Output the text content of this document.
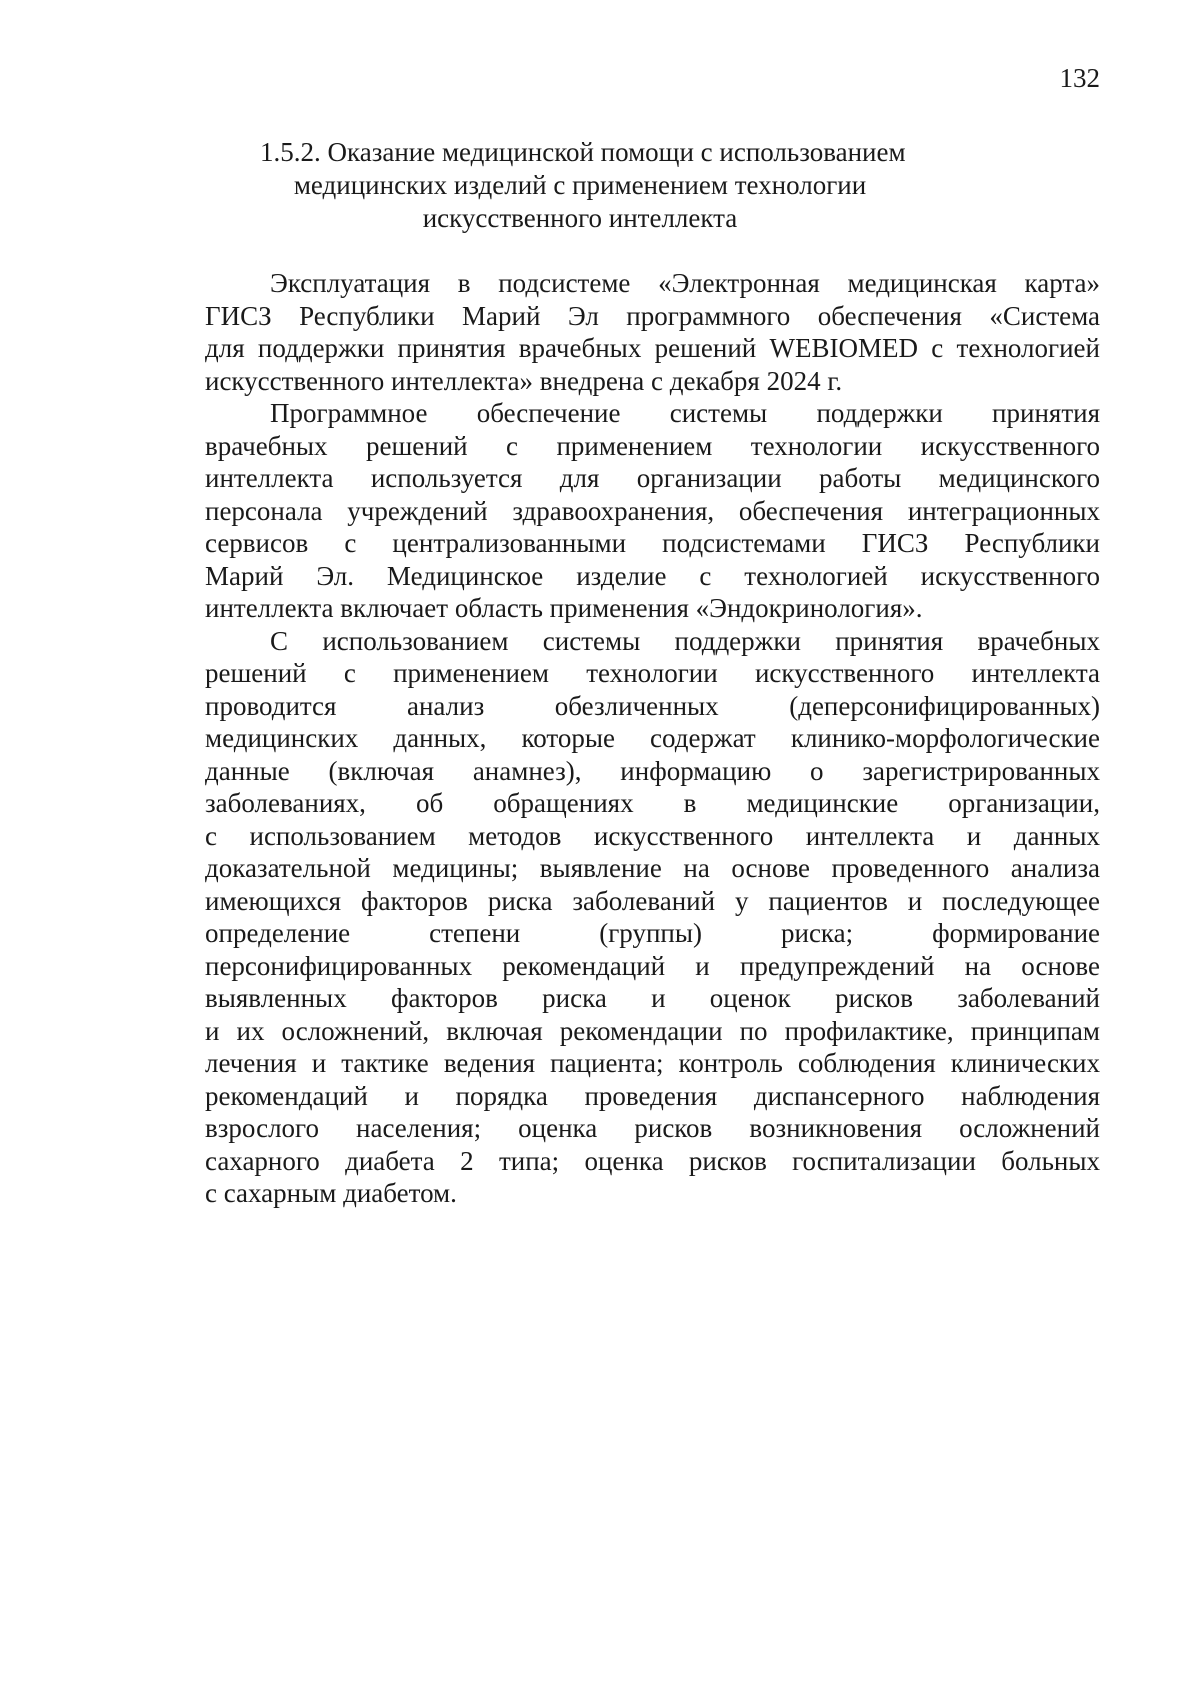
132
1.5.2. Оказание медицинской помощи с использованием
медицинских изделий с применением технологии
искусственного интеллекта

Эксплуатация в подсистеме «Электронная медицинская карта»
ГИСЗ Республики Марий Эл программного обеспечения «Система
для поддержки принятия врачебных решений WEBIOMED с технологией
искусственного интеллекта» внедрена с декабря 2024 г.

Программное обеспечение системы поддержки принятия
врачебных решений с применением технологии искусственного
интеллекта используется для организации работы медицинского
персонала учреждений здравоохранения, обеспечения интеграционных
сервисов с централизованными подсистемами ГИСЗ Республики
Марий Эл. Медицинское изделие с технологией искусственного
интеллекта включает область применения «Эндокринология».

С использованием системы поддержки принятия врачебных
решений с применением технологии искусственного интеллекта
проводится анализ обезличенных (деперсонифицированных)
медицинских данных, которые содержат клинико-морфологические
данные (включая анамнез), информацию о зарегистрированных
заболеваниях, об обращениях в медицинские организации,
с использованием методов искусственного интеллекта и данных
доказательной медицины; выявление на основе проведенного анализа
имеющихся факторов риска заболеваний у пациентов и последующее
определение степени (группы) риска; формирование
персонифицированных рекомендаций и предупреждений на основе
выявленных факторов риска и оценок рисков заболеваний
и их осложнений, включая рекомендации по профилактике, принципам
лечения и тактике ведения пациента; контроль соблюдения клинических
рекомендаций и порядка проведения диспансерного наблюдения
взрослого населения; оценка рисков возникновения осложнений
сахарного диабета 2 типа; оценка рисков госпитализации больных
с сахарным диабетом.
